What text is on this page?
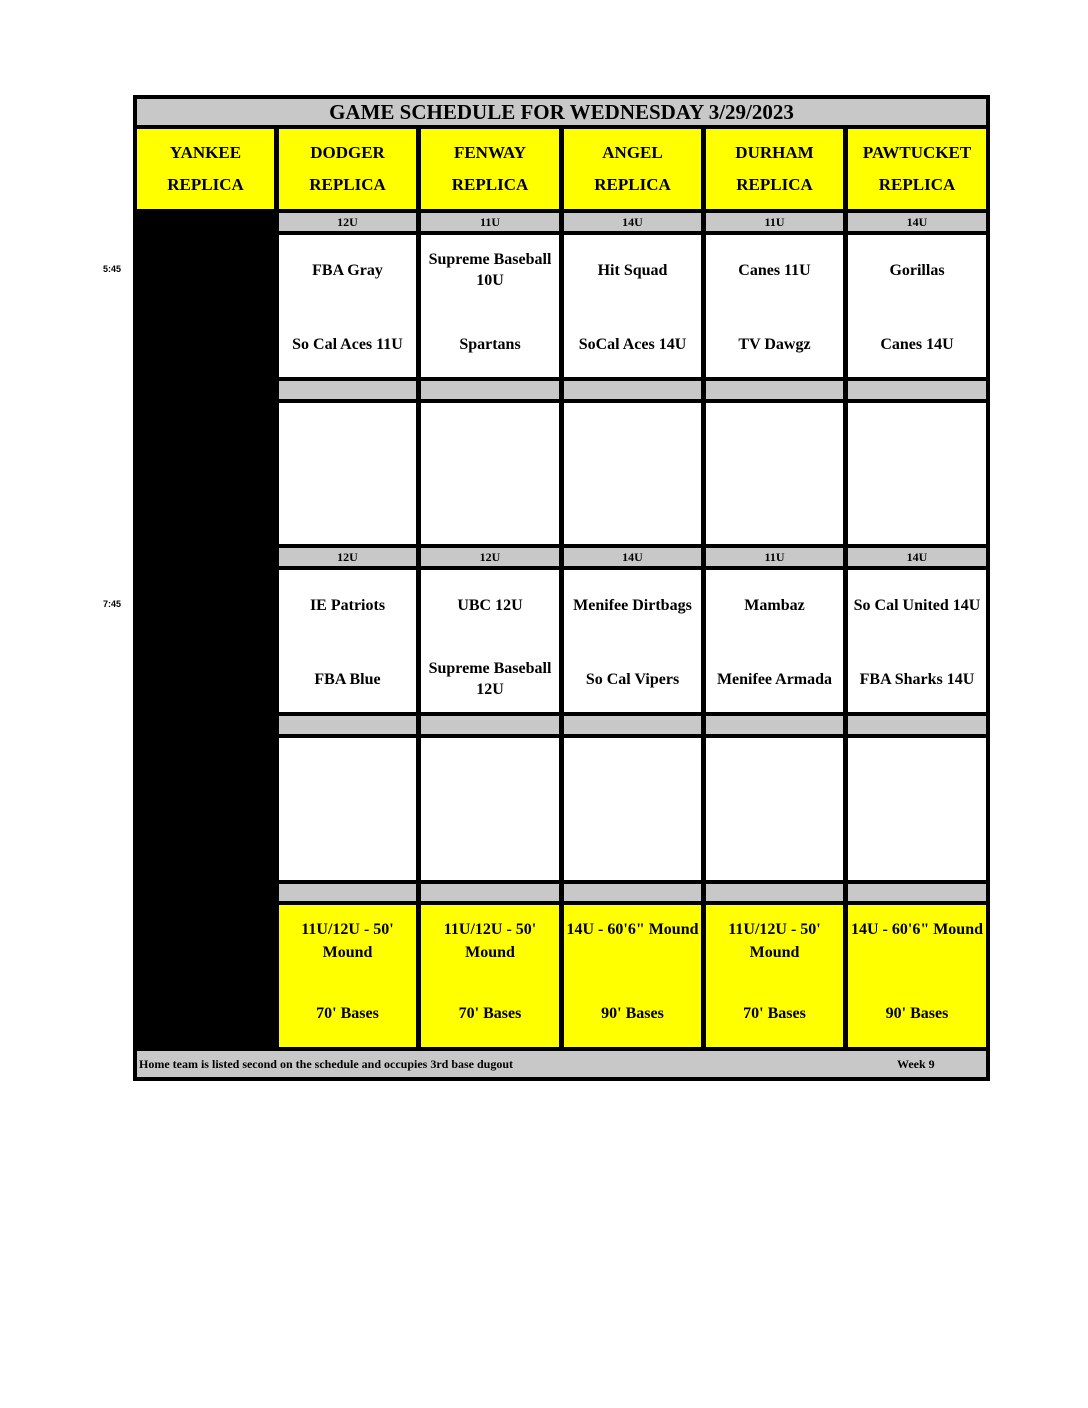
GAME SCHEDULE FOR WEDNESDAY 3/29/2023
Home team is listed second on the schedule and occupies 3rd base dugout	Week 9
YANKEE
REPLICA
DODGER
REPLICA
FENWAY
REPLICA
ANGEL
REPLICA
DURHAM
REPLICA
PAWTUCKET
REPLICA
5:45
12U
FBA Gray
So Cal Aces 11U
11U
Supreme Baseball 10U
Spartans
14U
Hit Squad
SoCal Aces 14U
11U
Canes 11U
TV Dawgz
14U
Gorillas
Canes 14U
7:45
12U
IE Patriots
FBA Blue
12U
UBC 12U
Supreme Baseball 12U
14U
Menifee Dirtbags
So Cal Vipers
11U
Mambaz
Menifee Armada
14U
So Cal United 14U
FBA Sharks 14U
11U/12U - 50' Mound
70' Bases
11U/12U - 50' Mound
70' Bases
14U - 60'6" Mound
90' Bases
11U/12U - 50' Mound
70' Bases
14U - 60'6" Mound
90' Bases
